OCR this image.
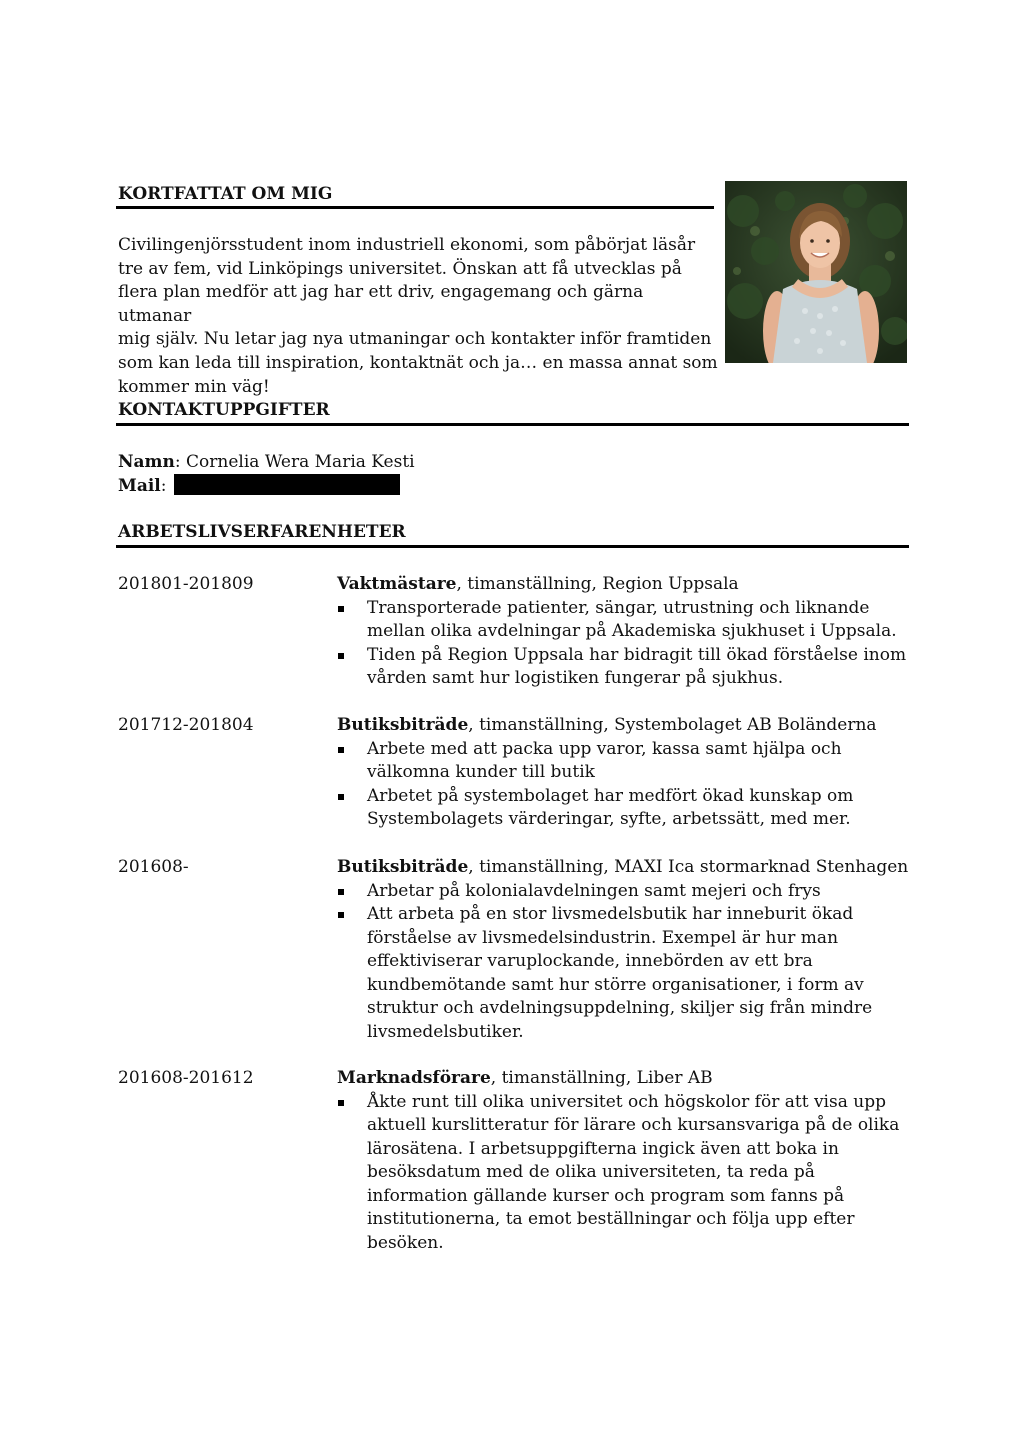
KORTFATTAT OM MIG
Civilingenjörsstudent inom industriell ekonomi, som påbörjat läsår
tre av fem, vid Linköpings universitet. Önskan att få utvecklas på
flera plan medför att jag har ett driv, engagemang och gärna utmanar
mig själv. Nu letar jag nya utmaningar och kontakter inför framtiden
som kan leda till inspiration, kontaktnät och ja… en massa annat som
kommer min väg!
KONTAKTUPPGIFTER
Namn: Cornelia Wera Maria Kesti
Mail:
ARBETSLIVSERFARENHETER
201801-201809	Vaktmästare, timanställning, Region Uppsala
Transporterade patienter, sängar, utrustning och liknande
mellan olika avdelningar på Akademiska sjukhuset i Uppsala.
Tiden på Region Uppsala har bidragit till ökad förståelse inom
vården samt hur logistiken fungerar på sjukhus.
201712-201804	Butiksbiträde, timanställning, Systembolaget AB Boländerna
Arbete med att packa upp varor, kassa samt hjälpa och
välkomna kunder till butik
Arbetet på systembolaget har medfört ökad kunskap om
Systembolagets värderingar, syfte, arbetssätt, med mer.
201608-	Butiksbiträde, timanställning, MAXI Ica stormarknad Stenhagen
Arbetar på kolonialavdelningen samt mejeri och frys
Att arbeta på en stor livsmedelsbutik har inneburit ökad
förståelse av livsmedelsindustrin. Exempel är hur man
effektiviserar varuplockande, innebörden av ett bra
kundbemötande samt hur större organisationer, i form av
struktur och avdelningsuppdelning, skiljer sig från mindre
livsmedelsbutiker.
201608-201612	Marknadsförare, timanställning, Liber AB
Åkte runt till olika universitet och högskolor för att visa upp
aktuell kurslitteratur för lärare och kursansvariga på de olika
lärosätena. I arbetsuppgifterna ingick även att boka in
besöksdatum med de olika universiteten, ta reda på
information gällande kurser och program som fanns på
institutionerna, ta emot beställningar och följa upp efter
besöken.
